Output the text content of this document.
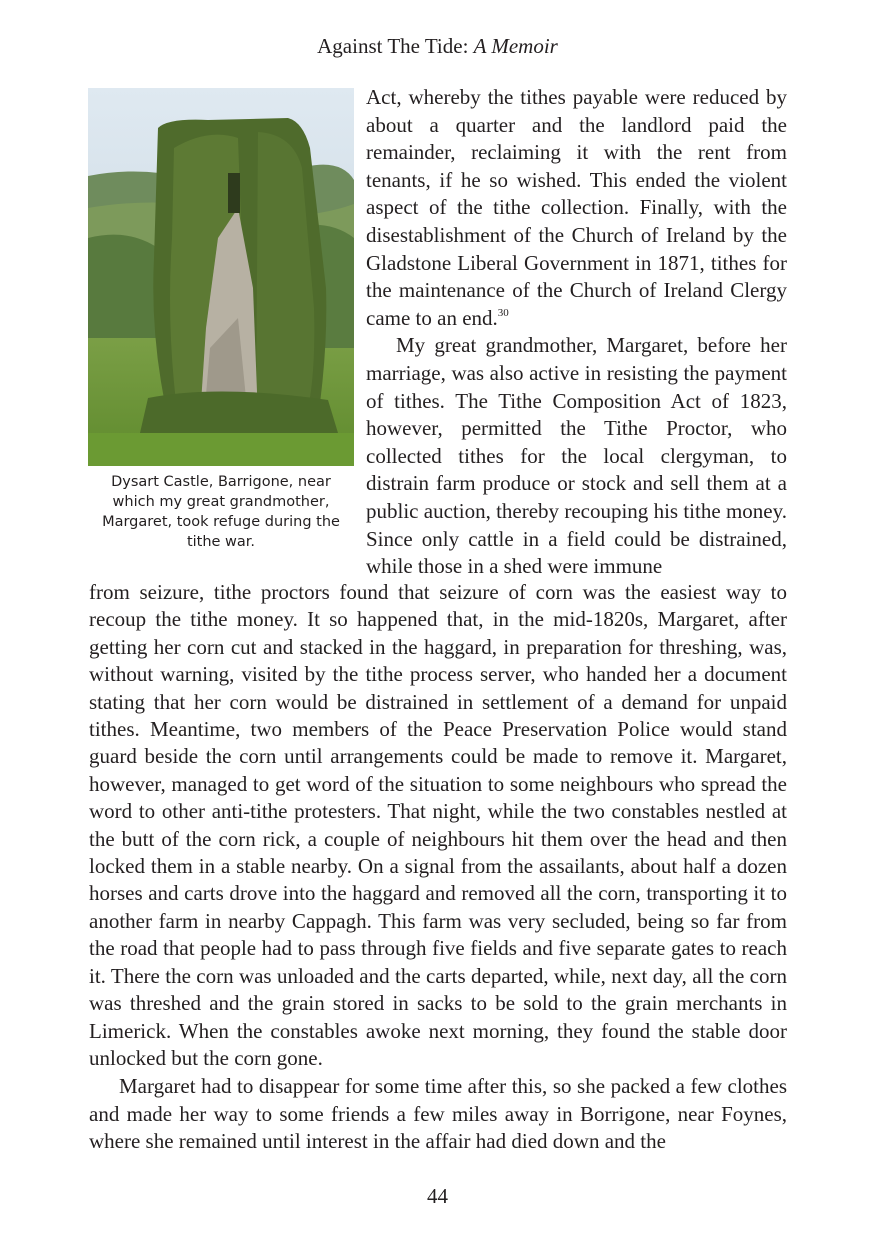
Against The Tide: A Memoir
Dysart Castle, Barrigone, near
which my great grandmother,
Margaret, took refuge during the
tithe war.

Act, whereby the tithes payable were reduced by about a quarter and the landlord paid the remainder, reclaiming it with the rent from tenants, if he so wished. This ended the violent aspect of the tithe collection. Finally, with the disestablishment of the Church of Ireland by the Gladstone Liberal Government in 1871, tithes for the maintenance of the Church of Ireland Clergy came to an end.$^{30}$

My great grandmother, Margaret, before her marriage, was also active in resisting the payment of tithes. The Tithe Composition Act of 1823, however, permitted the Tithe Proctor, who collected tithes for the local clergyman, to distrain farm produce or stock and sell them at a public auction, thereby recouping his tithe money. Since only cattle in a field could be distrained, while those in a shed were immune

from seizure, tithe proctors found that seizure of corn was the easiest way to recoup the tithe money. It so happened that, in the mid-1820s, Margaret, after getting her corn cut and stacked in the haggard, in preparation for threshing, was, without warning, visited by the tithe process server, who handed her a document stating that her corn would be distrained in settlement of a demand for unpaid tithes. Meantime, two members of the Peace Preservation Police would stand guard beside the corn until arrangements could be made to remove it. Margaret, however, managed to get word of the situation to some neighbours who spread the word to other anti-tithe protesters. That night, while the two constables nestled at the butt of the corn rick, a couple of neighbours hit them over the head and then locked them in a stable nearby. On a signal from the assailants, about half a dozen horses and carts drove into the haggard and removed all the corn, transporting it to another farm in nearby Cappagh. This farm was very secluded, being so far from the road that people had to pass through five fields and five separate gates to reach it. There the corn was unloaded and the carts departed, while, next day, all the corn was threshed and the grain stored in sacks to be sold to the grain merchants in Limerick. When the constables awoke next morning, they found the stable door unlocked but the corn gone.

Margaret had to disappear for some time after this, so she packed a few clothes and made her way to some friends a few miles away in Borrigone, near Foynes, where she remained until interest in the affair had died down and the

44
